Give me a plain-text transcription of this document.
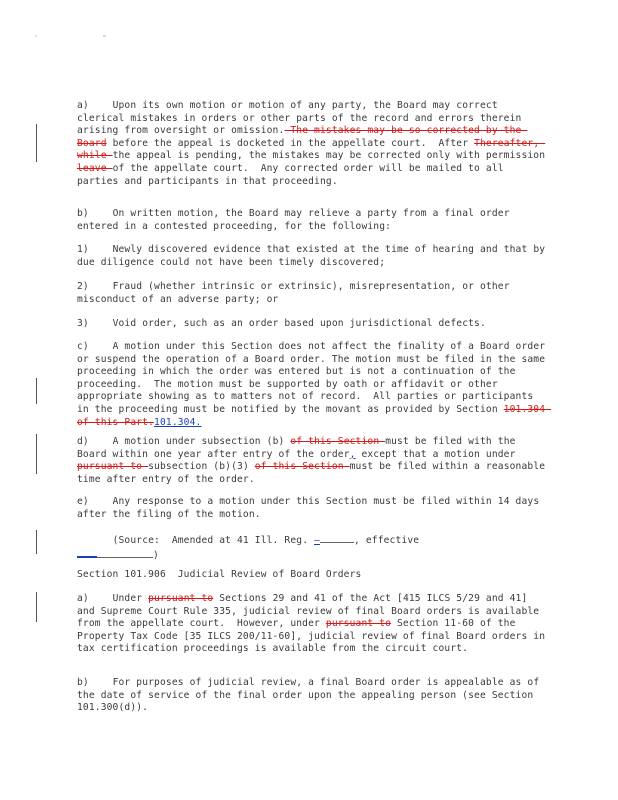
' "

a) Upon its own motion or motion of any party, the Board may correct clerical mistakes in orders or other parts of the record and errors therein arising from oversight or omission. The mistakes may be so corrected by the Board before the appeal is docketed in the appellate court.  After Thereafter, while the appeal is pending, the mistakes may be corrected only with permission leave of the appellate court.  Any corrected order will be mailed to all parties and participants in that proceeding.

b) On written motion, the Board may relieve a party from a final order entered in a contested proceeding, for the following:

1) Newly discovered evidence that existed at the time of hearing and that by due diligence could not have been timely discovered;

2) Fraud (whether intrinsic or extrinsic), misrepresentation, or other misconduct of an adverse party; or

3) Void order, such as an order based upon jurisdictional defects.

c) A motion under this Section does not affect the finality of a Board order or suspend the operation of a Board order. The motion must be filed in the same proceeding in which the order was entered but is not a continuation of the proceeding.  The motion must be supported by oath or affidavit or other appropriate showing as to matters not of record.  All parties or participants in the proceeding must be notified by the movant as provided by Section 101.304 of this Part.101.304.

d) A motion under subsection (b) of this Section must be filed with the Board within one year after entry of the order, except that a motion under pursuant to subsection (b)(3) of this Section must be filed within a reasonable time after entry of the order.

e) Any response to a motion under this Section must be filed within 14 days after the filing of the motion.

(Source:  Amended at 41 Ill. Reg. —	, effective
)

Section 101.906  Judicial Review of Board Orders

a) Under pursuant to Sections 29 and 41 of the Act [415 ILCS 5/29 and 41] and Supreme Court Rule 335, judicial review of final Board orders is available from the appellate court.  However, under pursuant to Section 11-60 of the Property Tax Code [35 ILCS 200/11-60], judicial review of final Board orders in tax certification proceedings is available from the circuit court.

b) For purposes of judicial review, a final Board order is appealable as of the date of service of the final order upon the appealing person (see Section 101.300(d)).
